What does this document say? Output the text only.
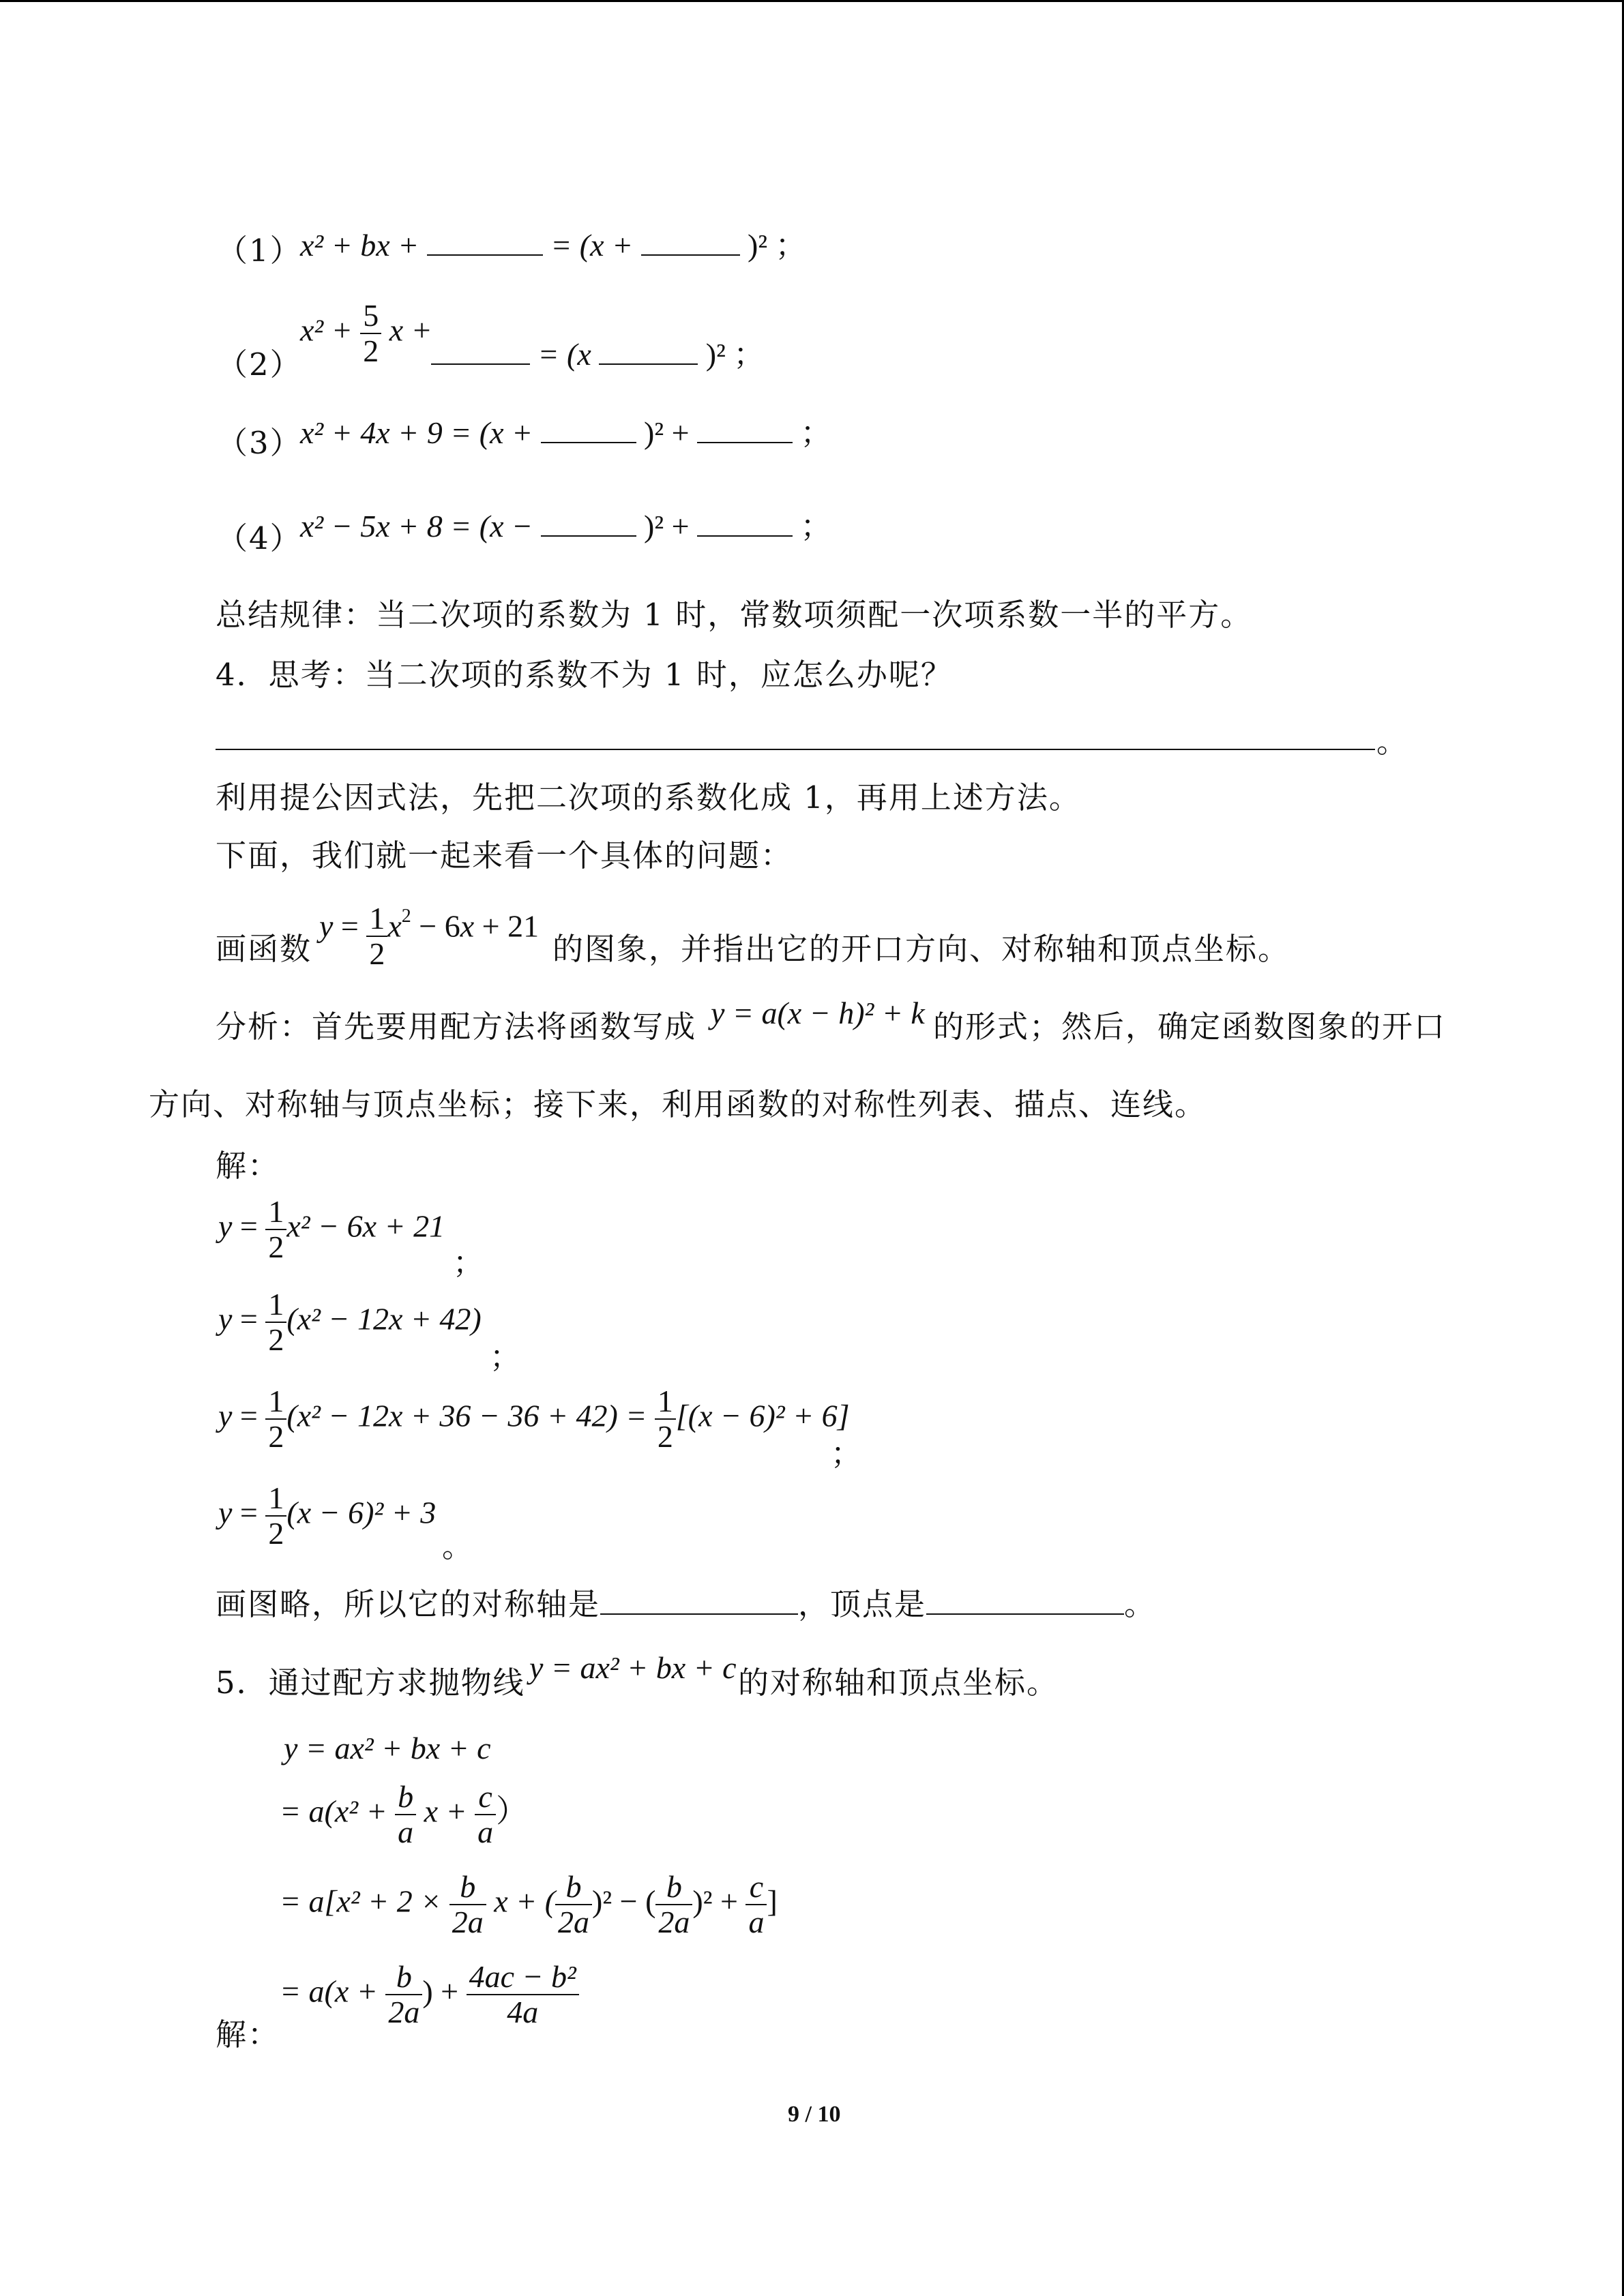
（1）
x² + bx +	= (x +	)² ；
（2）
$x^2 + \frac{5}{2}$ x +
= (x	)² ；
（3）
x² + 4x + 9 = (x +	)² +	；
（4）
x² − 5x + 8 = (x −	)² +	；
总结规律：当二次项的系数为 1 时，常数项须配一次项系数一半的平方。
4．思考：当二次项的系数不为 1 时，应怎么办呢？
。
利用提公因式法，先把二次项的系数化成 1，再用上述方法。
下面，我们就一起来看一个具体的问题：
画函数
$y = \frac{1}{2} x^2 - 6x + 21$
的图象，并指出它的开口方向、对称轴和顶点坐标。
分析：首先要用配方法将函数写成 y = a(x − h)² + k 的形式；然后，确定函数图象的开口
方向、对称轴与顶点坐标；接下来，利用函数的对称性列表、描点、连线。
解：
$y = \frac{1}{2} x^2 - 6x + 21$
；
$y = \frac{1}{2} (x^2 - 12x + 42)$
；
$y = \frac{1}{2} (x^2 - 12x + 36 - 36 + 42) = \frac{1}{2} [(x - 6)^2 + 6]$
；
$y = \frac{1}{2} (x - 6)^2 + 3$
。
画图略，所以它的对称轴是	，顶点是	。
5．通过配方求抛物线 y = ax² + bx + c 的对称轴和顶点坐标。
y = ax² + bx + c
= $a(x^2 + \frac{b}{a}$ $x + \frac{c}{a}$ ）
= $a[x^2 + 2 \times \frac{b}{2a}$ x + ( $\frac{b}{2a} )^2$ − ( $\frac{b}{2a} )^2 + \frac{c}{a}$ ]
= $a(x + \frac{b}{2a}$ ) + $\frac{\text{4ac − b²}}{4a}$
解：
9 / 10
